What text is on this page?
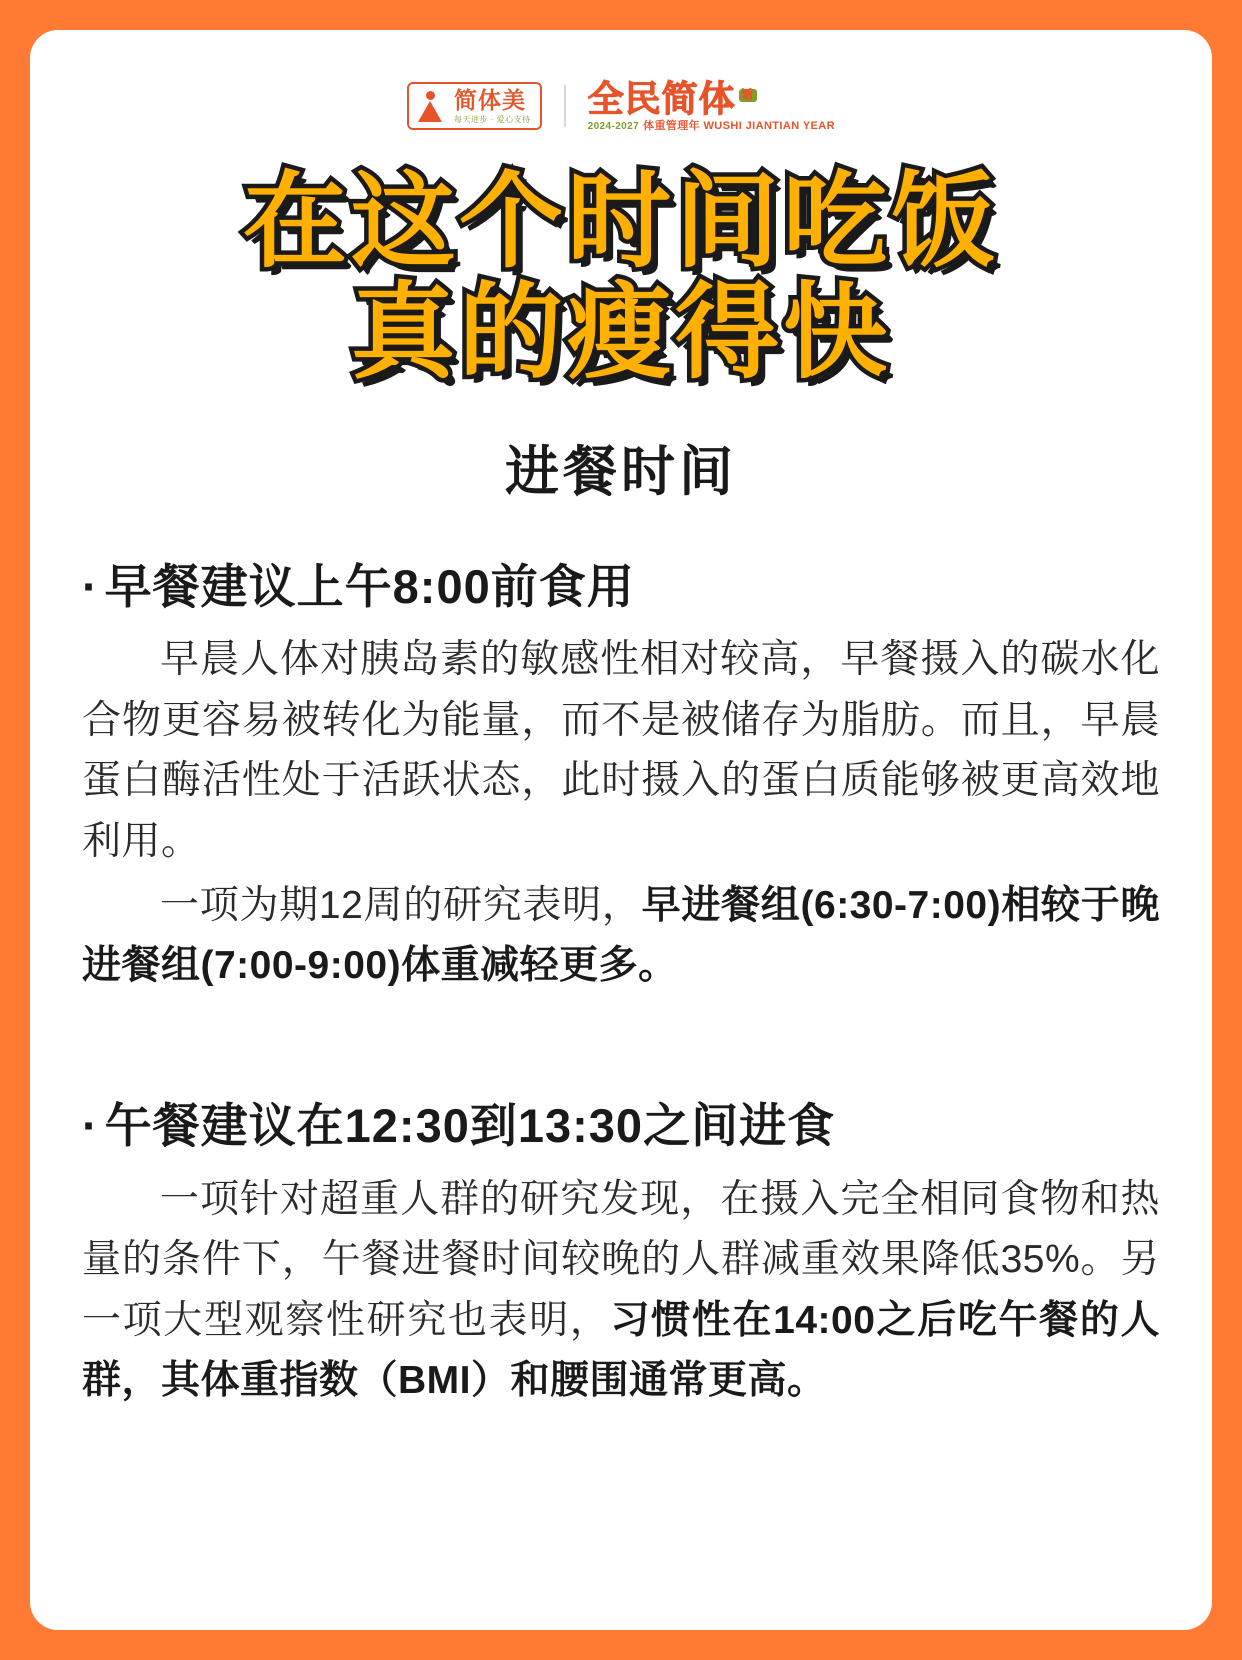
简体美
每天进步 · 爱心支持
全民简体 话
2024-2027 体重管理年 WUSHI JIANTIAN YEAR
在这个时间吃饭
真的瘦得快
进餐时间
· 早餐建议上午8:00前食用

早晨人体对胰岛素的敏感性相对较高，早餐摄入的碳水化合物更容易被转化为能量，而不是被储存为脂肪。而且，早晨蛋白酶活性处于活跃状态，此时摄入的蛋白质能够被更高效地利用。

一项为期12周的研究表明，早进餐组(6:30-7:00)相较于晚进餐组(7:00-9:00)体重减轻更多。

· 午餐建议在12:30到13:30之间进食

一项针对超重人群的研究发现，在摄入完全相同食物和热量的条件下，午餐进餐时间较晚的人群减重效果降低35%。另一项大型观察性研究也表明，习惯性在14:00之后吃午餐的人群，其体重指数（BMI）和腰围通常更高。
